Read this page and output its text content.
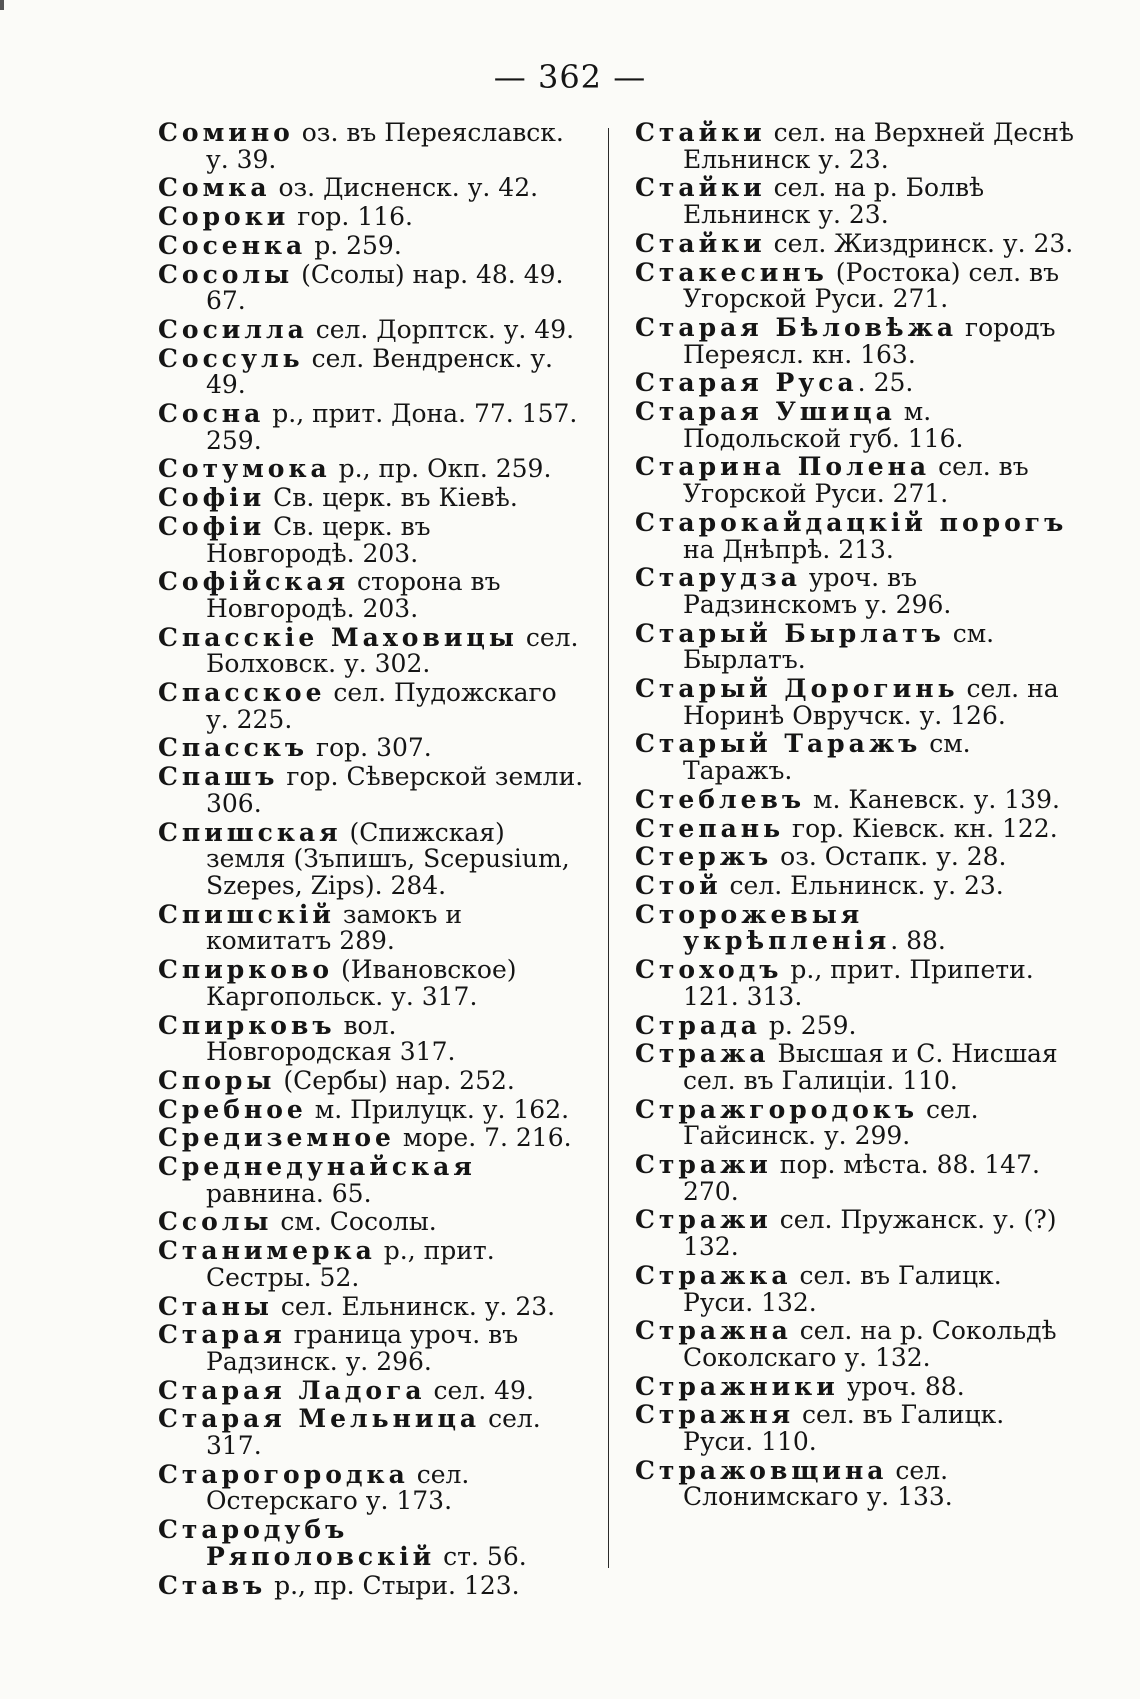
— 362 —
Сомино оз. въ Переяславск. у. 39.
Сомка оз. Дисненск. у. 42.
Сороки гор. 116.
Сосенка р. 259.
Сосолы (Ссолы) нар. 48. 49. 67.
Сосилла сел. Дорптск. у. 49.
Соссуль сел. Вендренск. у. 49.
Сосна р., прит. Дона. 77. 157. 259.
Сотумока р., пр. Окп. 259.
Софіи Св. церк. въ Кіевѣ.
Софіи Св. церк. въ Новгородѣ. 203.
Софійская сторона въ Новгородѣ. 203.
Спасскіе Маховицы сел. Болховск. у. 302.
Спасское сел. Пудожскаго у. 225.
Спасскъ гор. 307.
Спашъ гор. Сѣверской земли. 306.
Спишская (Спижская) земля (Зъпишъ, Scepusium, Szepes, Zips). 284.
Спишскій замокъ и комитатъ 289.
Спирково (Ивановское) Каргопольск. у. 317.
Спирковъ вол. Новгородская 317.
Споры (Сербы) нар. 252.
Сребное м. Прилуцк. у. 162.
Средиземное море. 7. 216.
Среднедунайская равнина. 65.
Ссолы см. Сосолы.
Станимерка р., прит. Сестры. 52.
Станы сел. Ельнинск. у. 23.
Старая граница уроч. въ Радзинск. у. 296.
Старая Ладога сел. 49.
Старая Мельница сел. 317.
Старогородка сел. Остерскаго у. 173.
Стародубъ Ряполовскій ст. 56.
Ставъ р., пр. Стыри. 123.
Стайки сел. на Верхней Деснѣ Ельнинск у. 23.
Стайки сел. на р. Болвѣ Ельнинск у. 23.
Стайки сел. Жиздринск. у. 23.
Стакесинъ (Ростока) сел. въ Угорской Руси. 271.
Старая Бѣловѣжа городъ Переясл. кн. 163.
Старая Руса. 25.
Старая Ушица м. Подольской губ. 116.
Старина Полена сел. въ Угорской Руси. 271.
Старокайдацкій порогъ на Днѣпрѣ. 213.
Старудза уроч. въ Радзинскомъ у. 296.
Старый Бырлатъ см. Бырлатъ.
Старый Дорогинь сел. на Норинѣ Овручск. у. 126.
Старый Таражъ см. Таражъ.
Стеблевъ м. Каневск. у. 139.
Степань гор. Кіевск. кн. 122.
Стержъ оз. Остапк. у. 28.
Стой сел. Ельнинск. у. 23.
Сторожевыя укрѣпленія. 88.
Стоходъ р., прит. Припети. 121. 313.
Страда р. 259.
Стража Высшая и С. Нисшая сел. въ Галиціи. 110.
Стражгородокъ сел. Гайсинск. у. 299.
Стражи пор. мѣста. 88. 147. 270.
Стражи сел. Пружанск. у. (?) 132.
Стражка сел. въ Галицк. Руси. 132.
Стражна сел. на р. Сокольдѣ Соколскаго у. 132.
Стражники уроч. 88.
Стражня сел. въ Галицк. Руси. 110.
Стражовщина сел. Слонимскаго у. 133.
